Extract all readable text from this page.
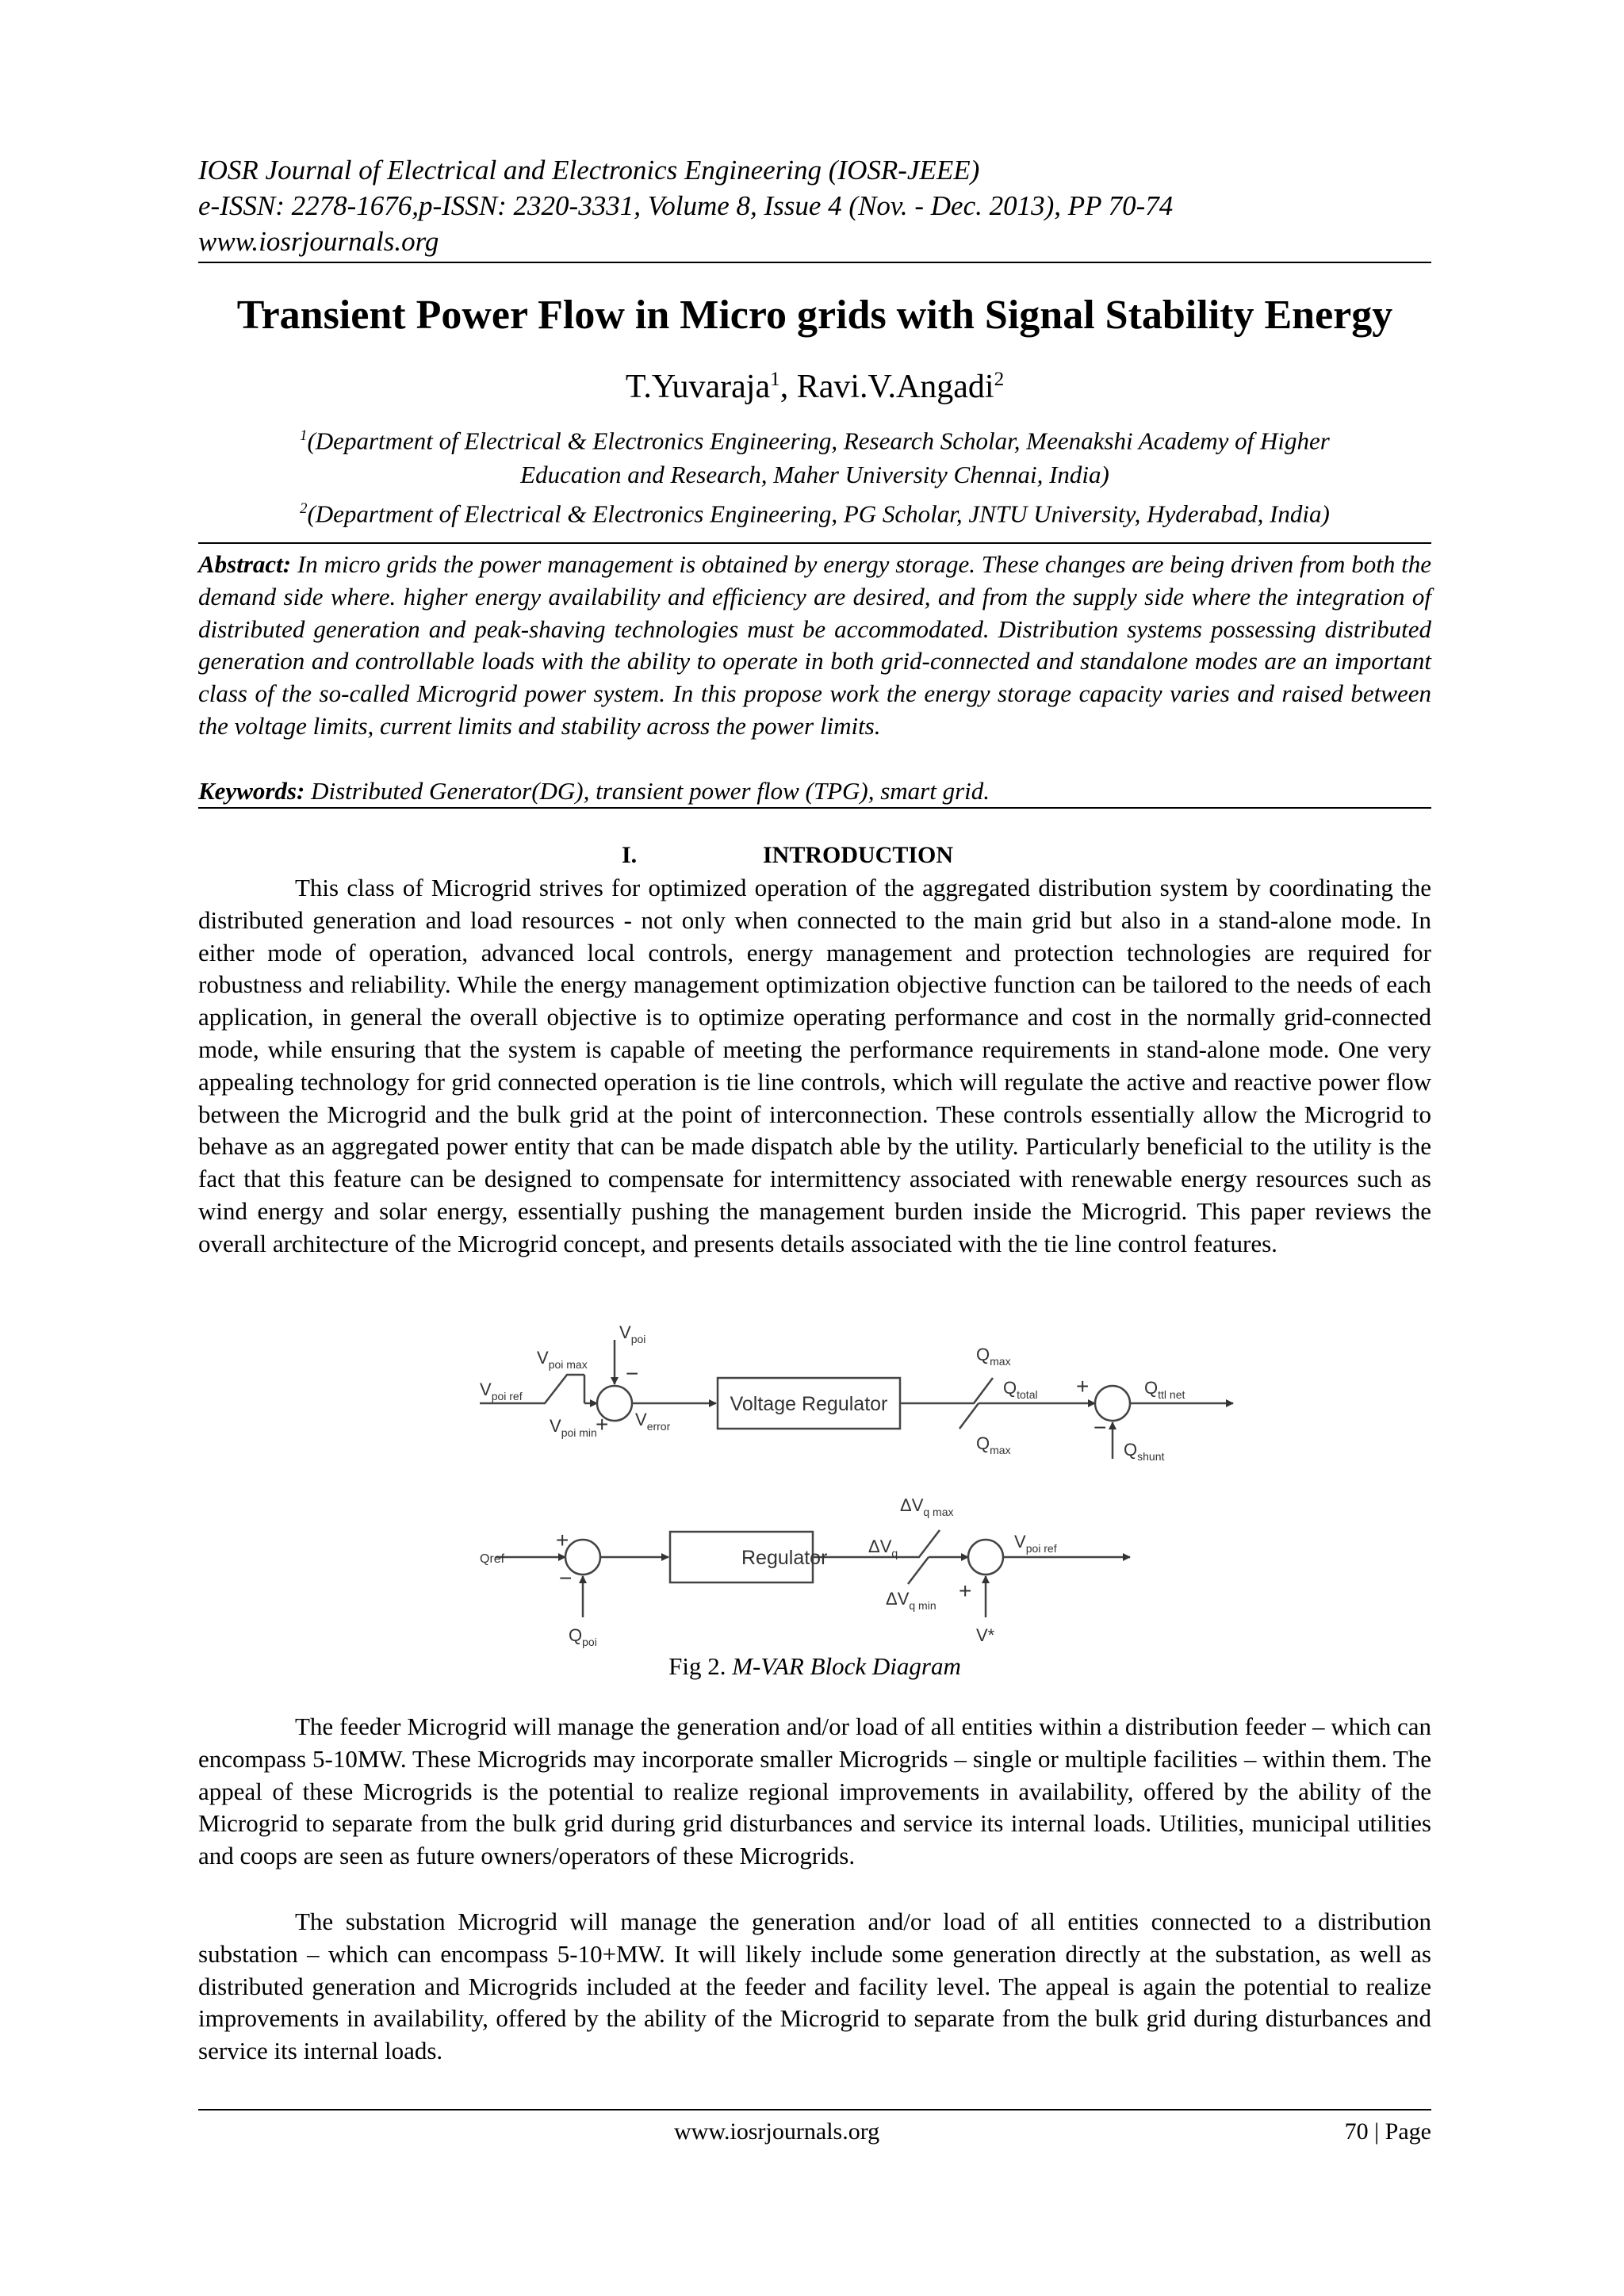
IOSR Journal of Electrical and Electronics Engineering (IOSR-JEEE)
e-ISSN: 2278-1676,p-ISSN: 2320-3331, Volume 8, Issue 4 (Nov. - Dec. 2013), PP 70-74
www.iosrjournals.org
Transient Power Flow in Micro grids with Signal Stability Energy
T.Yuvaraja$^1$, Ravi.V.Angadi$^2$
$^1$(Department of Electrical & Electronics Engineering, Research Scholar, Meenakshi Academy of Higher
Education and Research, Maher University Chennai, India)
$^2$(Department of Electrical & Electronics Engineering, PG Scholar, JNTU University, Hyderabad, India)
Abstract: In micro grids the power management is obtained by energy storage. These changes are being driven from both the demand side where. higher energy availability and efficiency are desired, and from the supply side where the integration of distributed generation and peak-shaving technologies must be accommodated. Distribution systems possessing distributed generation and controllable loads with the ability to operate in both grid-connected and standalone modes are an important class of the so-called Microgrid power system. In this propose work the energy storage capacity varies and raised between the voltage limits, current limits and stability across the power limits.
Keywords: Distributed Generator(DG), transient power flow (TPG), smart grid.
I.	INTRODUCTION
This class of Microgrid strives for optimized operation of the aggregated distribution system by coordinating the distributed generation and load resources - not only when connected to the main grid but also in a stand-alone mode. In either mode of operation, advanced local controls, energy management and protection technologies are required for robustness and reliability. While the energy management optimization objective function can be tailored to the needs of each application, in general the overall objective is to optimize operating performance and cost in the normally grid-connected mode, while ensuring that the system is capable of meeting the performance requirements in stand-alone mode. One very appealing technology for grid connected operation is tie line controls, which will regulate the active and reactive power flow between the Microgrid and the bulk grid at the point of interconnection. These controls essentially allow the Microgrid to behave as an aggregated power entity that can be made dispatch able by the utility. Particularly beneficial to the utility is the fact that this feature can be designed to compensate for intermittency associated with renewable energy resources such as wind energy and solar energy, essentially pushing the management burden inside the Microgrid. This paper reviews the overall architecture of the Microgrid concept, and presents details associated with the tie line control features.
Voltage Regulator
Regulator
$V_{poi ref}$
$V_{poi max}$
$V_{poi min}$
$V_{poi}$
−
+ $V_{error}$
$Q_{max}$
$Q_{max}$
$Q_{total}$ +
−
$Q_{ttl net}$
$Q_{shunt}$
Qref
+
−
$Q_{poi}$
$\Delta V_q$
$\Delta V_{q max}$
$\Delta V_{q min}$
+
V*
$V_{poi ref}$
Fig 2. M-VAR Block Diagram
The feeder Microgrid will manage the generation and/or load of all entities within a distribution feeder – which can encompass 5-10MW. These Microgrids may incorporate smaller Microgrids – single or multiple facilities – within them. The appeal of these Microgrids is the potential to realize regional improvements in availability, offered by the ability of the Microgrid to separate from the bulk grid during grid disturbances and service its internal loads. Utilities, municipal utilities and coops are seen as future owners/operators of these Microgrids.
The substation Microgrid will manage the generation and/or load of all entities connected to a distribution substation – which can encompass 5-10+MW. It will likely include some generation directly at the substation, as well as distributed generation and Microgrids included at the feeder and facility level. The appeal is again the potential to realize improvements in availability, offered by the ability of the Microgrid to separate from the bulk grid during disturbances and service its internal loads.
www.iosrjournals.org	70 | Page
